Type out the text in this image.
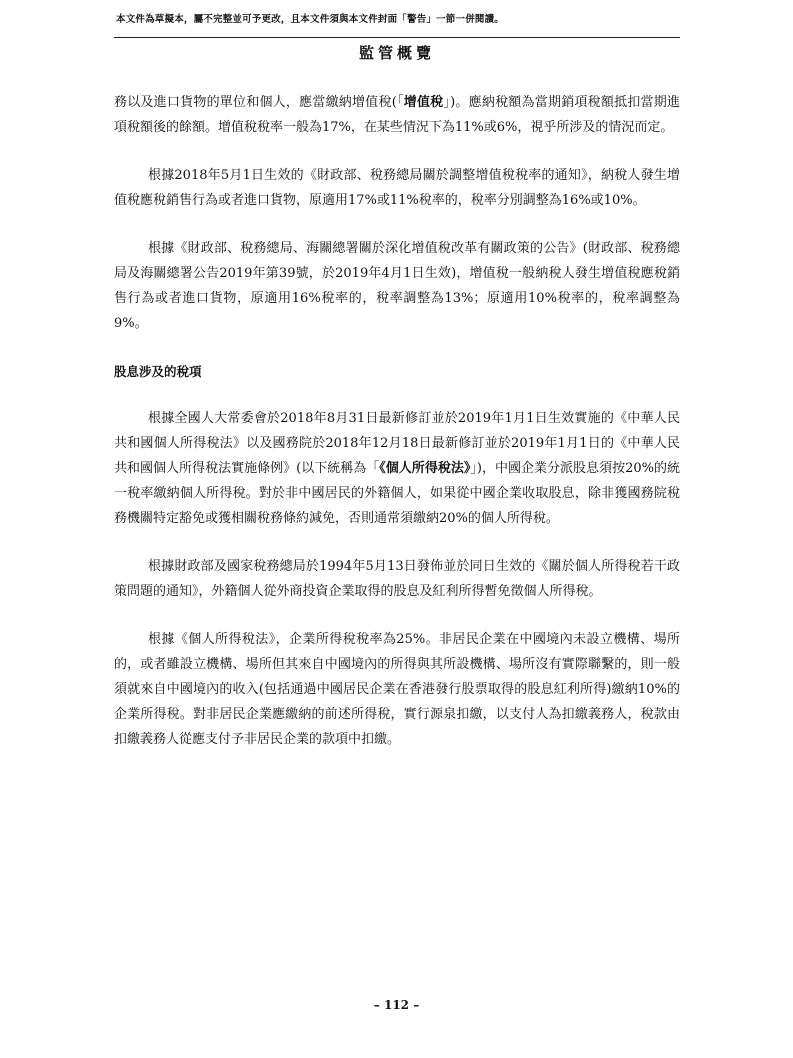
本文件為草擬本，屬不完整並可予更改，且本文件須與本文件封面「警告」一節一併閱讀。
監管概覽

務以及進口貨物的單位和個人，應當繳納增值稅(「增值稅」)。應納稅額為當期銷項稅額抵扣當期進項稅額後的餘額。增值稅稅率一般為17%，在某些情況下為11%或6%，視乎所涉及的情況而定。

根據2018年5月1日生效的《財政部、稅務總局關於調整增值稅稅率的通知》，納稅人發生增值稅應稅銷售行為或者進口貨物，原適用17%或11%稅率的，稅率分別調整為16%或10%。

根據《財政部、稅務總局、海關總署關於深化增值稅改革有關政策的公告》(財政部、稅務總局及海關總署公告2019年第39號，於2019年4月1日生效)，增值稅一般納稅人發生增值稅應稅銷售行為或者進口貨物，原適用16%稅率的，稅率調整為13%；原適用10%稅率的，稅率調整為9%。

股息涉及的稅項

根據全國人大常委會於2018年8月31日最新修訂並於2019年1月1日生效實施的《中華人民共和國個人所得稅法》以及國務院於2018年12月18日最新修訂並於2019年1月1日的《中華人民共和國個人所得稅法實施條例》(以下統稱為「《個人所得稅法》」)，中國企業分派股息須按20%的統一稅率繳納個人所得稅。對於非中國居民的外籍個人，如果從中國企業收取股息，除非獲國務院稅務機關特定豁免或獲相關稅務條約減免，否則通常須繳納20%的個人所得稅。

根據財政部及國家稅務總局於1994年5月13日發佈並於同日生效的《關於個人所得稅若干政策問題的通知》，外籍個人從外商投資企業取得的股息及紅利所得暫免徵個人所得稅。

根據《個人所得稅法》，企業所得稅稅率為25%。非居民企業在中國境內未設立機構、場所的，或者雖設立機構、場所但其來自中國境內的所得與其所設機構、場所沒有實際聯繫的，則一般須就來自中國境內的收入(包括通過中國居民企業在香港發行股票取得的股息紅利所得)繳納10%的企業所得稅。對非居民企業應繳納的前述所得稅，實行源泉扣繳，以支付人為扣繳義務人，稅款由扣繳義務人從應支付予非居民企業的款項中扣繳。

– 112 –
